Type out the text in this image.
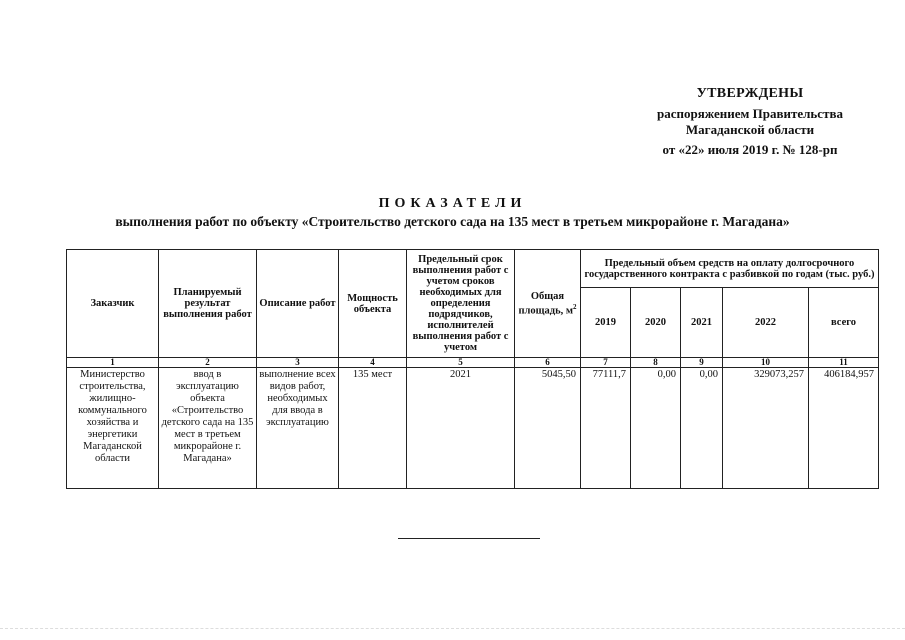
УТВЕРЖДЕНЫ
распоряжением Правительства
Магаданской области
от «22» июля 2019 г. № 128-рп
ПОКАЗАТЕЛИ
выполнения работ по объекту «Строительство детского сада на 135 мест в третьем микрорайоне г. Магадана»
Заказчик	Планируемый результат выполнения работ	Описание работ	Мощность объекта	Предельный срок выполнения работ с учетом сроков необходимых для определения подрядчиков, исполнителей выполнения работ с учетом	Общая площадь, $м^2$	Предельный объем средств на оплату долгосрочного государственного контракта с разбивкой по годам (тыс. руб.)				
						2019	2020	2021	2022	всего
1	2	3	4	5	6	7	8	9	10	11
Министерство строительства, жилищно-коммунального хозяйства и энергетики Магаданской области	ввод в эксплуатацию объекта «Строительство детского сада на 135 мест в третьем микрорайоне г. Магадана»	выполнение всех видов работ, необходимых для ввода в эксплуатацию	135 мест	2021	5045,50	77111,7	0,00	0,00	329073,257	406184,957
